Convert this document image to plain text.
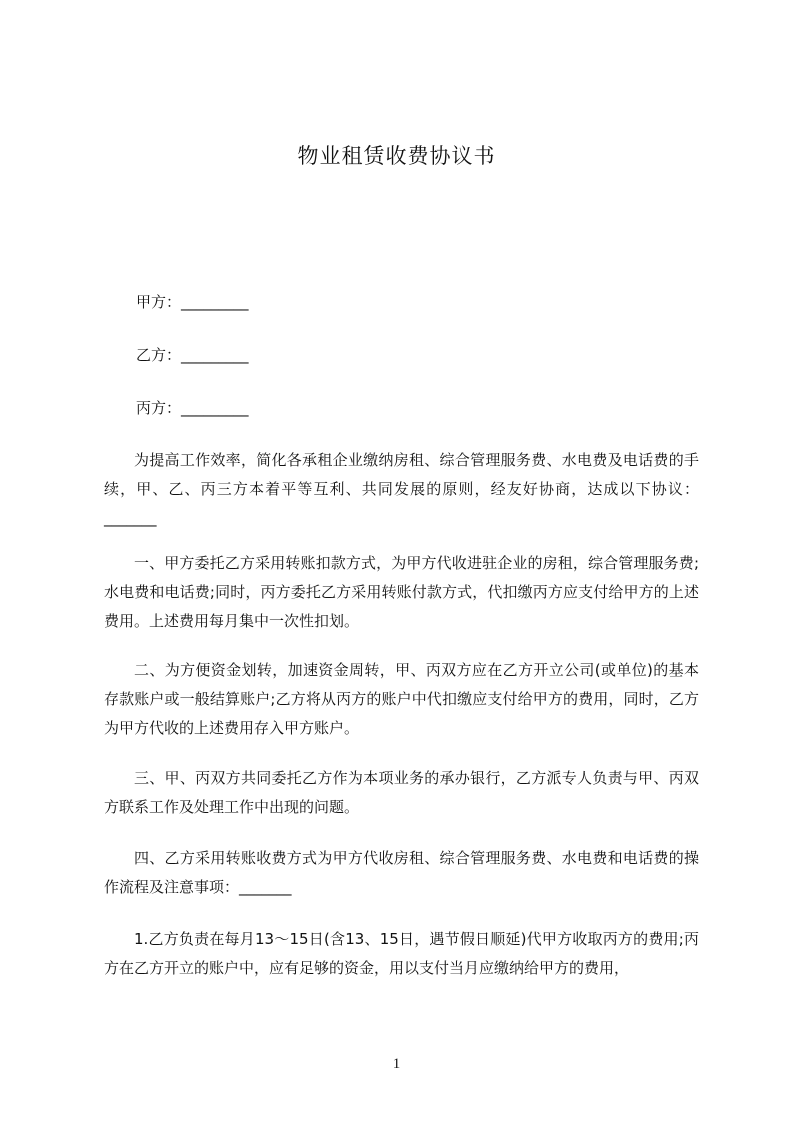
物业租赁收费协议书
甲方：_________
乙方：_________
丙方：_________
为提高工作效率，简化各承租企业缴纳房租、综合管理服务费、水电费及电话费的手续，甲、乙、丙三方本着平等互利、共同发展的原则，经友好协商，达成以下协议：_______
一、甲方委托乙方采用转账扣款方式，为甲方代收进驻企业的房租，综合管理服务费;水电费和电话费;同时，丙方委托乙方采用转账付款方式，代扣缴丙方应支付给甲方的上述费用。上述费用每月集中一次性扣划。
二、为方便资金划转，加速资金周转，甲、丙双方应在乙方开立公司(或单位)的基本存款账户或一般结算账户;乙方将从丙方的账户中代扣缴应支付给甲方的费用，同时，乙方为甲方代收的上述费用存入甲方账户。
三、甲、丙双方共同委托乙方作为本项业务的承办银行，乙方派专人负责与甲、丙双方联系工作及处理工作中出现的问题。
四、乙方采用转账收费方式为甲方代收房租、综合管理服务费、水电费和电话费的操作流程及注意事项：_______
1.乙方负责在每月13～15日(含13、15日，遇节假日顺延)代甲方收取丙方的费用;丙方在乙方开立的账户中，应有足够的资金，用以支付当月应缴纳给甲方的费用，
1
